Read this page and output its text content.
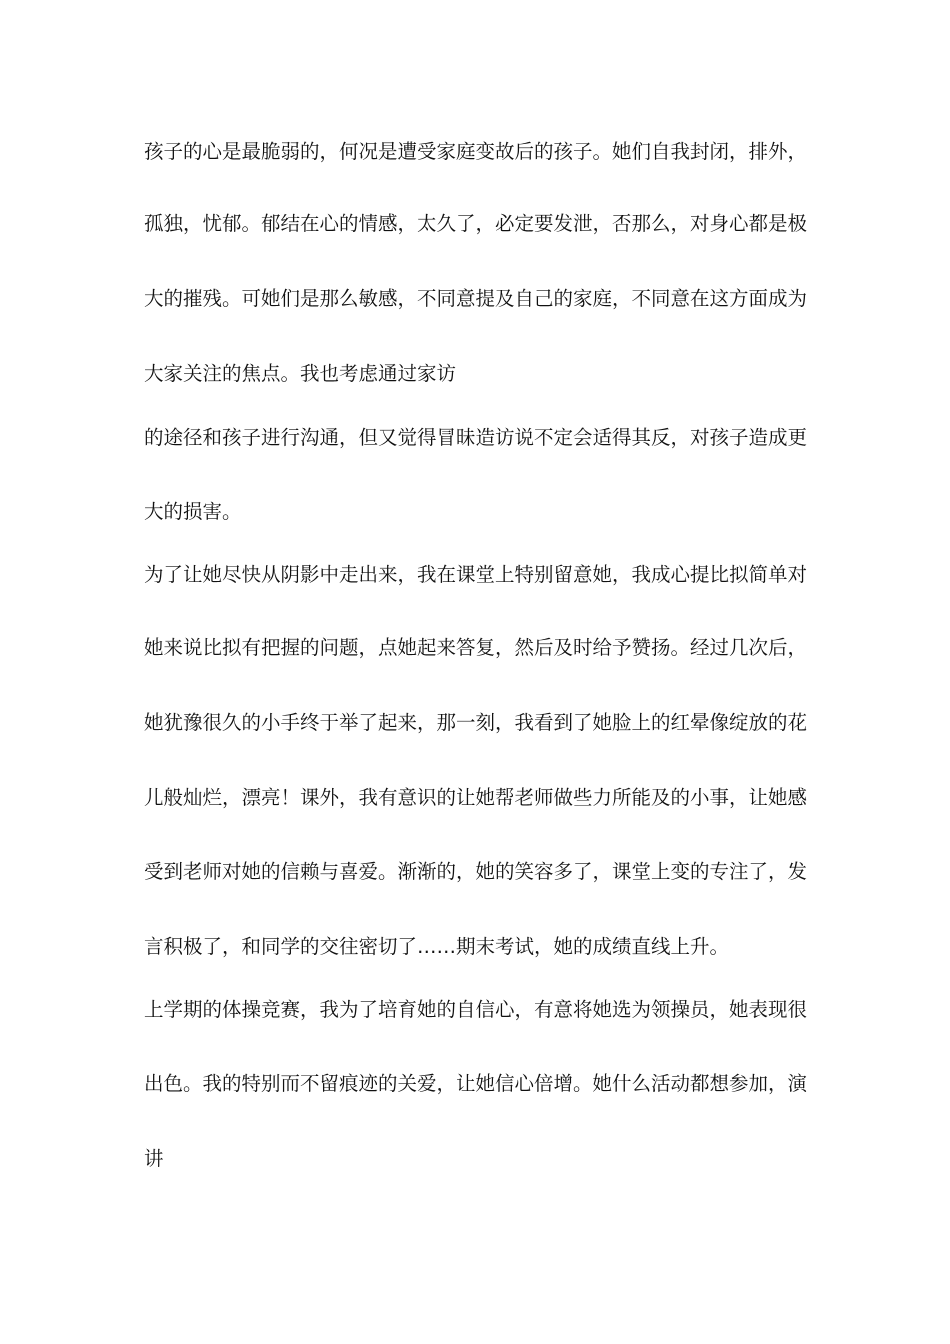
孩子的心是最脆弱的，何况是遭受家庭变故后的孩子。她们自我封闭，排外，
孤独，忧郁。郁结在心的情感，太久了，必定要发泄，否那么，对身心都是极
大的摧残。可她们是那么敏感，不同意提及自己的家庭，不同意在这方面成为
大家关注的焦点。我也考虑通过家访
的途径和孩子进行沟通，但又觉得冒昧造访说不定会适得其反，对孩子造成更
大的损害。
为了让她尽快从阴影中走出来，我在课堂上特别留意她，我成心提比拟简单对
她来说比拟有把握的问题，点她起来答复，然后及时给予赞扬。经过几次后，
她犹豫很久的小手终于举了起来，那一刻，我看到了她脸上的红晕像绽放的花
儿般灿烂，漂亮！课外，我有意识的让她帮老师做些力所能及的小事，让她感
受到老师对她的信赖与喜爱。渐渐的，她的笑容多了，课堂上变的专注了，发
言积极了，和同学的交往密切了……期末考试，她的成绩直线上升。
上学期的体操竞赛，我为了培育她的自信心，有意将她选为领操员，她表现很
出色。我的特别而不留痕迹的关爱，让她信心倍增。她什么活动都想参加，演
讲
